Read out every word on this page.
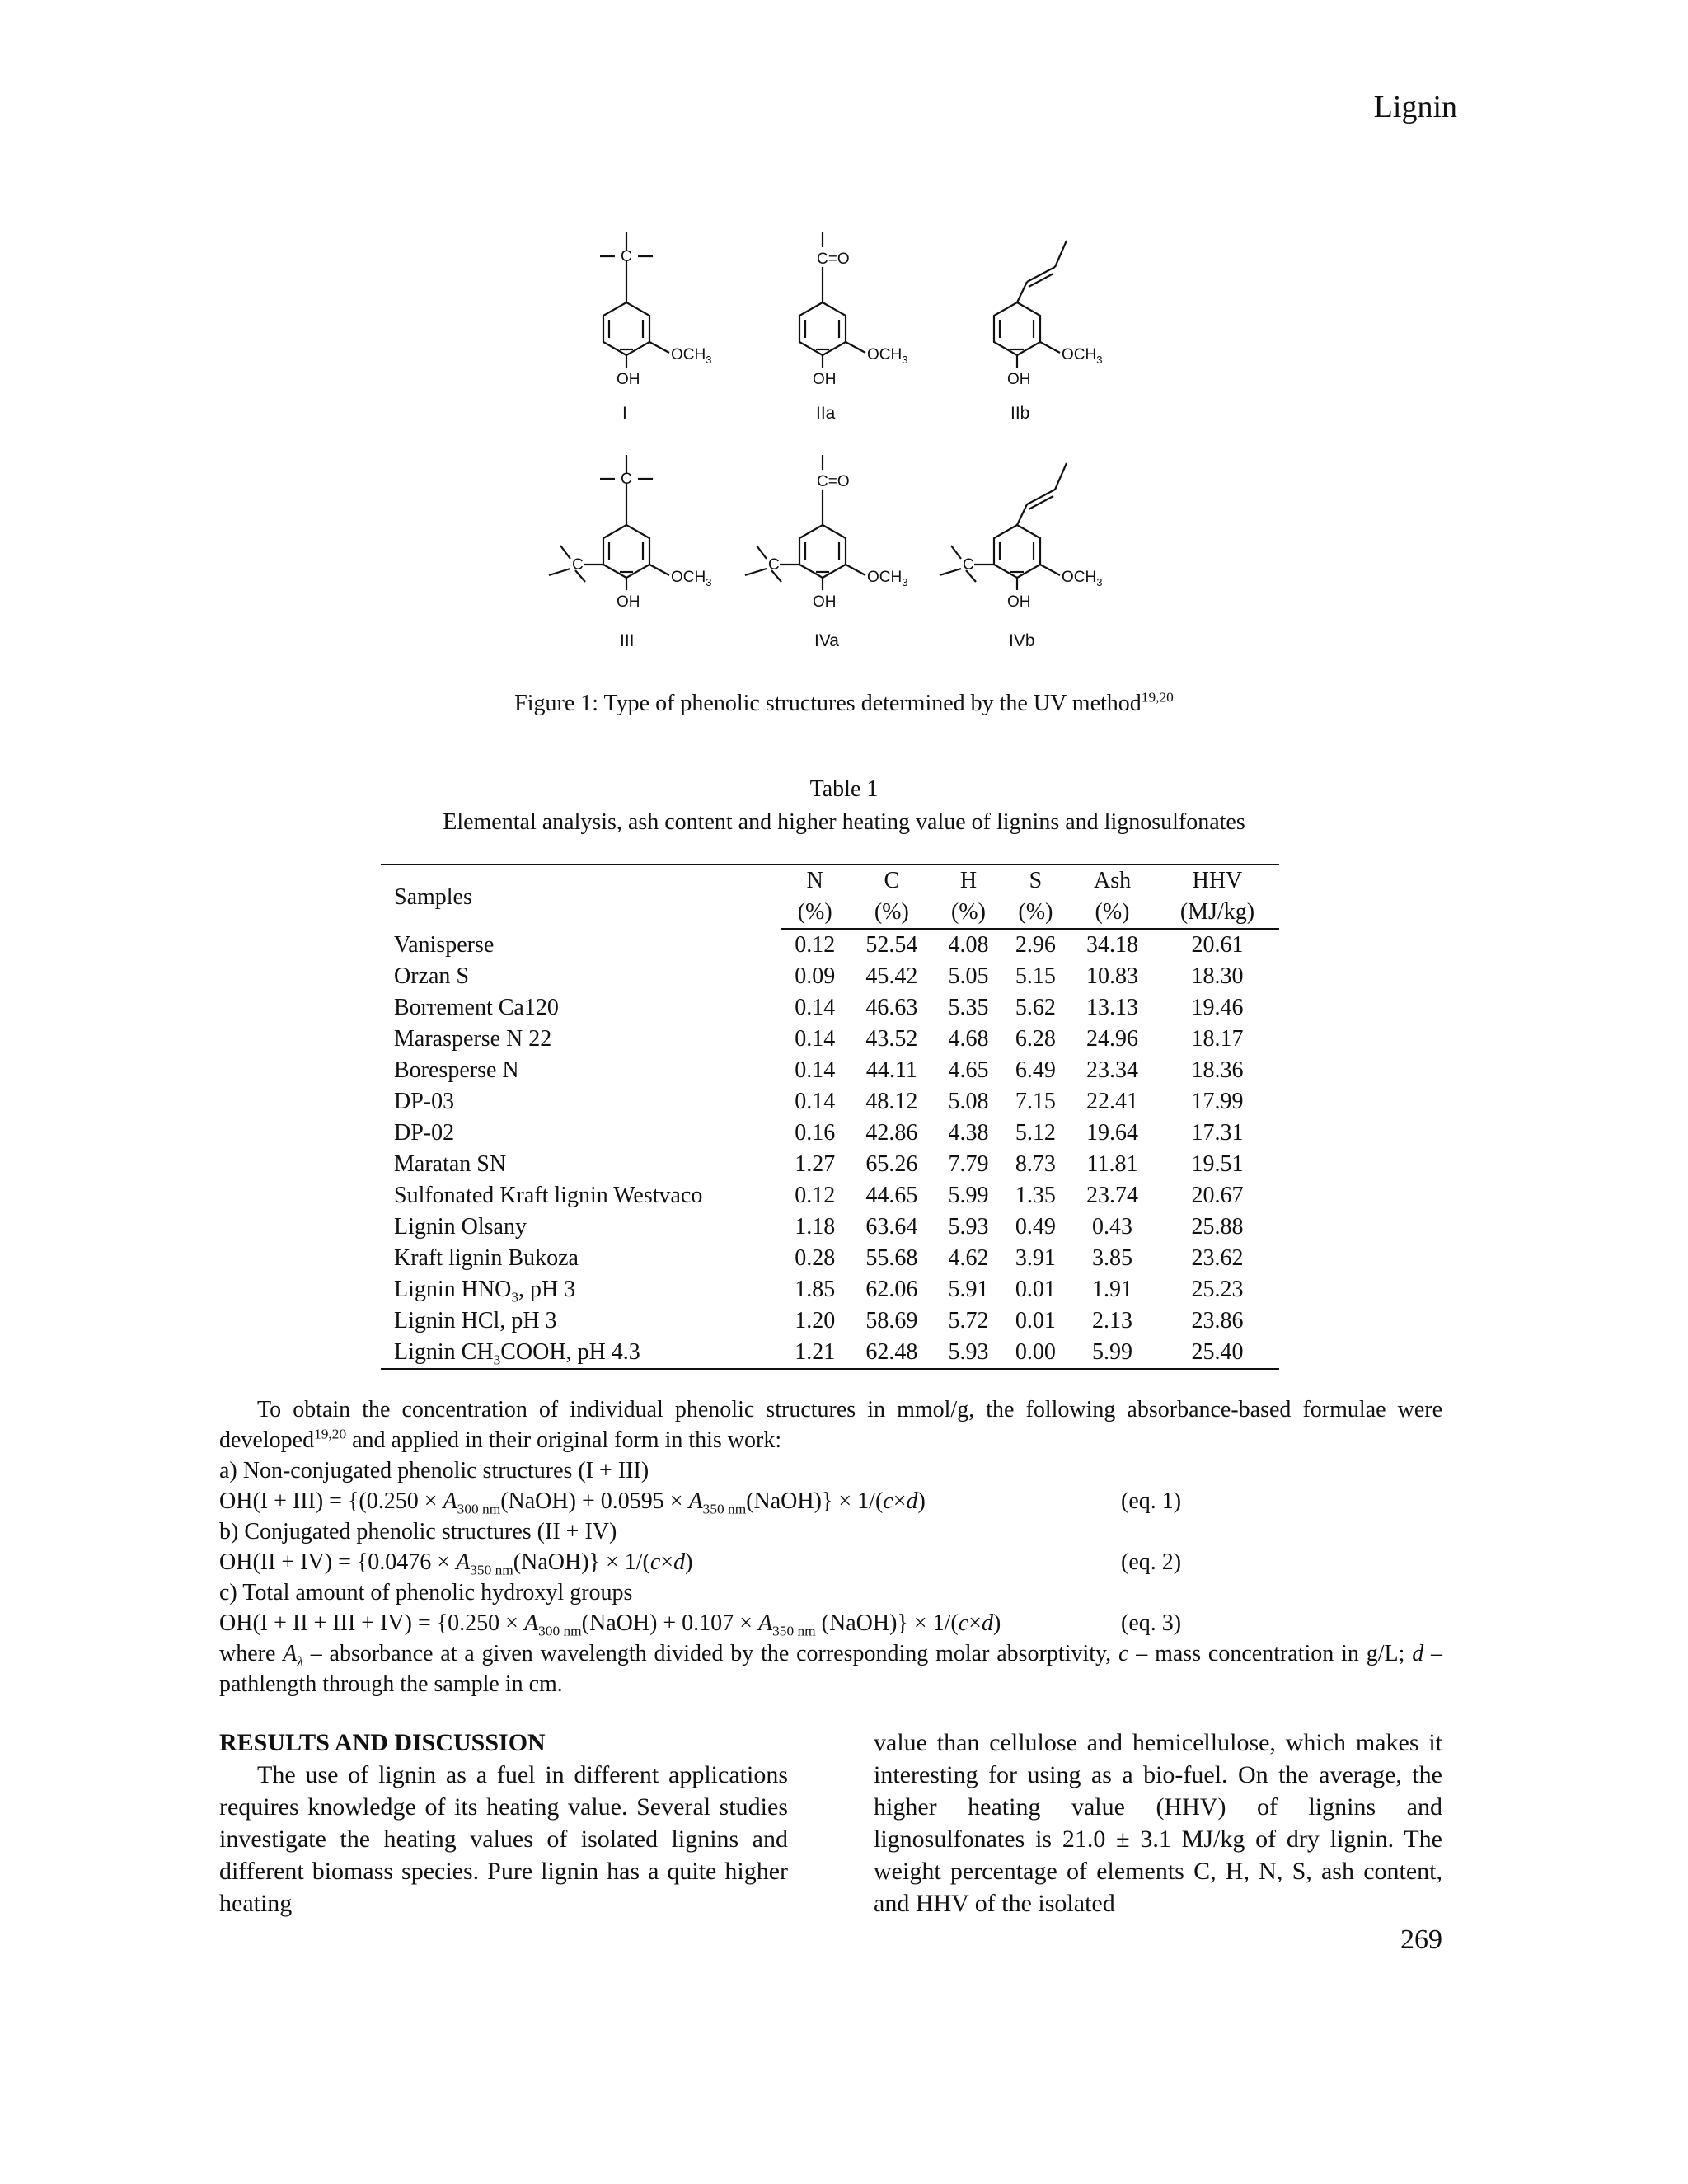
Lignin
C
$OCH_3$
OH
I
C=O
$OCH_3$
OH
IIa
$OCH_3$
OH
IIb
C
C
$OCH_3$
OH
III
C=O
C
$OCH_3$
OH
IVa
C
$OCH_3$
OH
IVb
Figure 1: Type of phenolic structures determined by the UV method$^{19,20}$
Table 1
Elemental analysis, ash content and higher heating value of lignins and lignosulfonates
Samples	N	C	H	S	Ash	HHV
	(%)	(%)	(%)	(%)	(%)	(MJ/kg)
Vanisperse	0.12	52.54	4.08	2.96	34.18	20.61
Orzan S	0.09	45.42	5.05	5.15	10.83	18.30
Borrement Ca120	0.14	46.63	5.35	5.62	13.13	19.46
Marasperse N 22	0.14	43.52	4.68	6.28	24.96	18.17
Boresperse N	0.14	44.11	4.65	6.49	23.34	18.36
DP-03	0.14	48.12	5.08	7.15	22.41	17.99
DP-02	0.16	42.86	4.38	5.12	19.64	17.31
Maratan SN	1.27	65.26	7.79	8.73	11.81	19.51
Sulfonated Kraft lignin Westvaco	0.12	44.65	5.99	1.35	23.74	20.67
Lignin Olsany	1.18	63.64	5.93	0.49	0.43	25.88
Kraft lignin Bukoza	0.28	55.68	4.62	3.91	3.85	23.62
Lignin $HNO_3$, pH 3	1.85	62.06	5.91	0.01	1.91	25.23
Lignin HCl, pH 3	1.20	58.69	5.72	0.01	2.13	23.86
Lignin $CH_3COOH$, pH 4.3	1.21	62.48	5.93	0.00	5.99	25.40

To obtain the concentration of individual phenolic structures in mmol/g, the following absorbance-based formulae were developed$^{19,20}$ and applied in their original form in this work:

a) Non-conjugated phenolic structures (I + III)

$OH(I + III) = \{(0.250 \times A_{300 nm}(NaOH) + 0.0595$ × $A_{350 nm}(NaOH)\} \times 1/(c\times d)$	(eq. 1)

b) Conjugated phenolic structures (II + IV)

$OH(II + IV) = \{0.0476 \times A_{350 nm}(NaOH)\} \times 1/(c\times d)$	(eq. 2)

c) Total amount of phenolic hydroxyl groups

OH(I + II + III + $IV) = \{0.250 \times A_{300 nm}(NaOH) + 0.107 \times A_{350 nm}$ (NaOH)} × 1/(c×d)	(eq. 3)

where $A_\lambda$ – absorbance at a given wavelength divided by the corresponding molar absorptivity, c – mass concentration in g/L; d – pathlength through the sample in cm.

RESULTS AND DISCUSSION
The use of lignin as a fuel in different applications requires knowledge of its heating value. Several studies investigate the heating values of isolated lignins and different biomass species. Pure lignin has a quite higher heating
value than cellulose and hemicellulose, which makes it interesting for using as a bio-fuel. On the average, the higher heating value (HHV) of lignins and lignosulfonates is 21.0 ± 3.1 MJ/kg of dry lignin. The weight percentage of elements C, H, N, S, ash content, and HHV of the isolated
269
